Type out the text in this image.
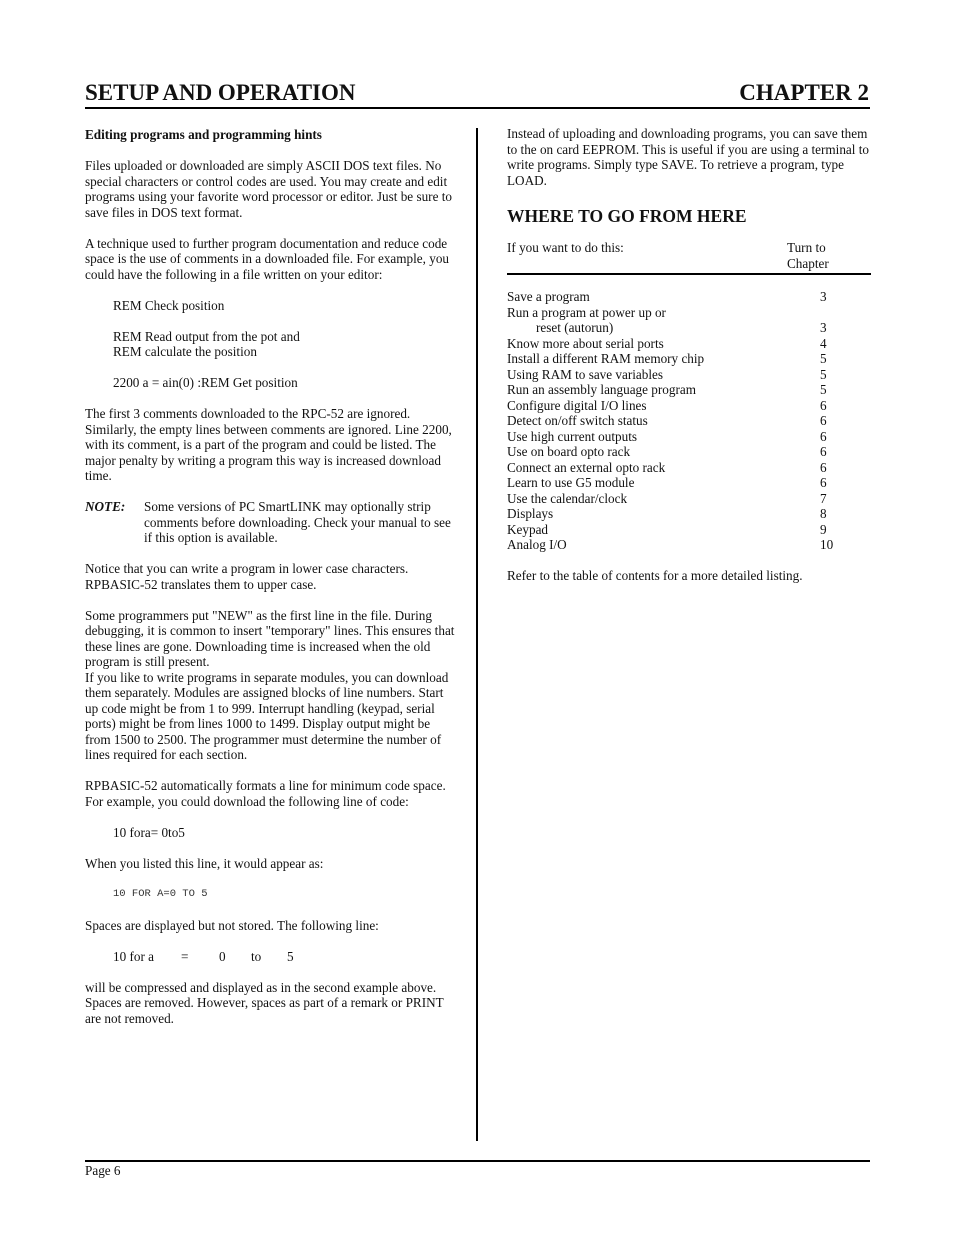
SETUP AND OPERATION	CHAPTER 2

Editing programs and programming hints

Files uploaded or downloaded are simply ASCII DOS text files. No special characters or control codes are used. You may create and edit programs using your favorite word processor or editor. Just be sure to save files in DOS text format.

A technique used to further program documentation and reduce code space is the use of comments in a downloaded file. For example, you could have the following in a file written on your editor:

REM Check position

REM Read output from the pot and
REM calculate the position

2200 a = ain(0) :REM Get position

The first 3 comments downloaded to the RPC-52 are ignored. Similarly, the empty lines between comments are ignored. Line 2200, with its comment, is a part of the program and could be listed. The major penalty by writing a program this way is increased download time.

NOTE:	Some versions of PC SmartLINK may optionally strip comments before downloading. Check your manual to see if this option is available.

Notice that you can write a program in lower case characters. RPBASIC-52 translates them to upper case.

Some programmers put "NEW" as the first line in the file. During debugging, it is common to insert "temporary" lines. This ensures that these lines are gone. Downloading time is increased when the old program is still present.

If you like to write programs in separate modules, you can download them separately. Modules are assigned blocks of line numbers. Start up code might be from 1 to 999. Interrupt handling (keypad, serial ports) might be from lines 1000 to 1499. Display output might be from 1500 to 2500. The programmer must determine the number of lines required for each section.

RPBASIC-52 automatically formats a line for minimum code space. For example, you could download the following line of code:

10 fora= 0to5

When you listed this line, it would appear as:

10 FOR A=0 TO 5

Spaces are displayed but not stored. The following line:

10 for a = 0 to 5

will be compressed and displayed as in the second example above. Spaces are removed. However, spaces as part of a remark or PRINT are not removed.

Instead of uploading and downloading programs, you can save them to the on card EEPROM. This is useful if you are using a terminal to write programs. Simply type SAVE. To retrieve a program, type LOAD.

WHERE TO GO FROM HERE
If you want to do this:	Turn to
Chapter
Save a program	3
Run a program at power up or
reset (autorun)	3
Know more about serial ports	4
Install a different RAM memory chip	5
Using RAM to save variables	5
Run an assembly language program	5
Configure digital I/O lines	6
Detect on/off switch status	6
Use high current outputs	6
Use on board opto rack	6
Connect an external opto rack	6
Learn to use G5 module	6
Use the calendar/clock	7
Displays	8
Keypad	9
Analog I/O	10

Refer to the table of contents for a more detailed listing.

Page 6
